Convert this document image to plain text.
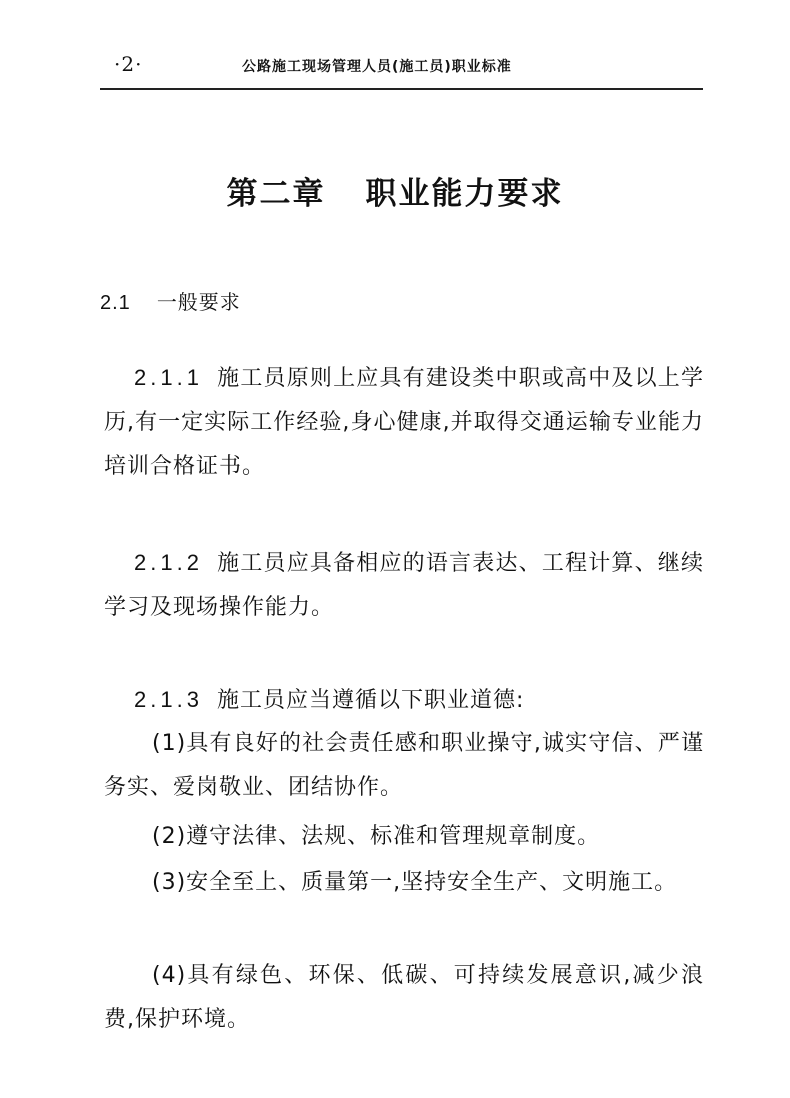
·2·	公路施工现场管理人员(施工员)职业标准
第二章 职业能力要求
2.1 一般要求
2.1.1 施工员原则上应具有建设类中职或高中及以上学历,有一定实际工作经验,身心健康,并取得交通运输专业能力培训合格证书。
2.1.2 施工员应具备相应的语言表达、工程计算、继续学习及现场操作能力。
2.1.3 施工员应当遵循以下职业道德:
(1)具有良好的社会责任感和职业操守,诚实守信、严谨务实、爱岗敬业、团结协作。
(2)遵守法律、法规、标准和管理规章制度。
(3)安全至上、质量第一,坚持安全生产、文明施工。
(4)具有绿色、环保、低碳、可持续发展意识,减少浪费,保护环境。
